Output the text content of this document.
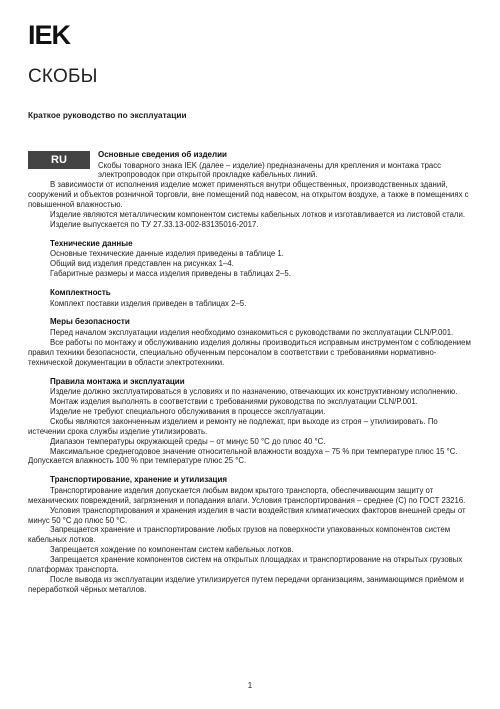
IEK
СКОБЫ
Краткое руководство по эксплуатации
RU	Основные сведения об изделии

Скобы товарного знака IEK (далее – изделие) предназначены для крепления и монтажа трасс электропроводок при открытой прокладке кабельных линий.

В зависимости от исполнения изделие может применяться внутри общественных, производственных зданий, сооружений и объектов розничной торговли, вне помещений под навесом, на открытом воздухе, а также в помещениях с повышенной влажностью.

Изделие являются металлическим компонентом системы кабельных лотков и изготавливается из листовой стали.

Изделие выпускается по ТУ 27.33.13-002-83135016-2017.

Технические данные

Основные технические данные изделия приведены в таблице 1.

Общий вид изделия представлен на рисунках 1–4.

Габаритные размеры и масса изделия приведены в таблицах 2–5.

Комплектность

Комплект поставки изделия приведен в таблицах 2–5.

Меры безопасности

Перед началом эксплуатации изделия необходимо ознакомиться с руководствами по эксплуатации CLN/P.001.

Все работы по монтажу и обслуживанию изделия должны производиться исправным инструментом с соблюдением правил техники безопасности, специально обученным персоналом в соответствии с требованиями нормативно-технической документации в области электротехники.

Правила монтажа и эксплуатации

Изделие должно эксплуатироваться в условиях и по назначению, отвечающих их конструктивному исполнению.

Монтаж изделия выполнять в соответствии с требованиями руководства по эксплуатации CLN/P.001.

Изделие не требуют специального обслуживания в процессе эксплуатации.

Скобы являются законченным изделием и ремонту не подлежат, при выходе из строя – утилизировать. По истечении срока службы изделие утилизировать.

Диапазон температуры окружающей среды – от минус 50 °С до плюс 40 °С.

Максимальное среднегодовое значение относительной влажности воздуха – 75 % при температуре плюс 15 °С. Допускается влажность 100 % при температуре плюс 25 °С.

Транспортирование, хранение и утилизация

Транспортирование изделия допускается любым видом крытого транспорта, обеспечивающим защиту от механических повреждений, загрязнения и попадания влаги. Условия транспортирования – среднее (С) по ГОСТ 23216.

Условия транспортирования и хранения изделия в части воздействия климатических факторов внешней среды от минус 50 °С до плюс 50 °С.

Запрещается хранение и транспортирование любых грузов на поверхности упакованных компонентов систем кабельных лотков.

Запрещается хождение по компонентам систем кабельных лотков.

Запрещается хранение компонентов систем на открытых площадках и транспортирование на открытых грузовых платформах транспорта.

После вывода из эксплуатации изделие утилизируется путем передачи организациям, занимающимся приёмом и переработкой чёрных металлов.

1
